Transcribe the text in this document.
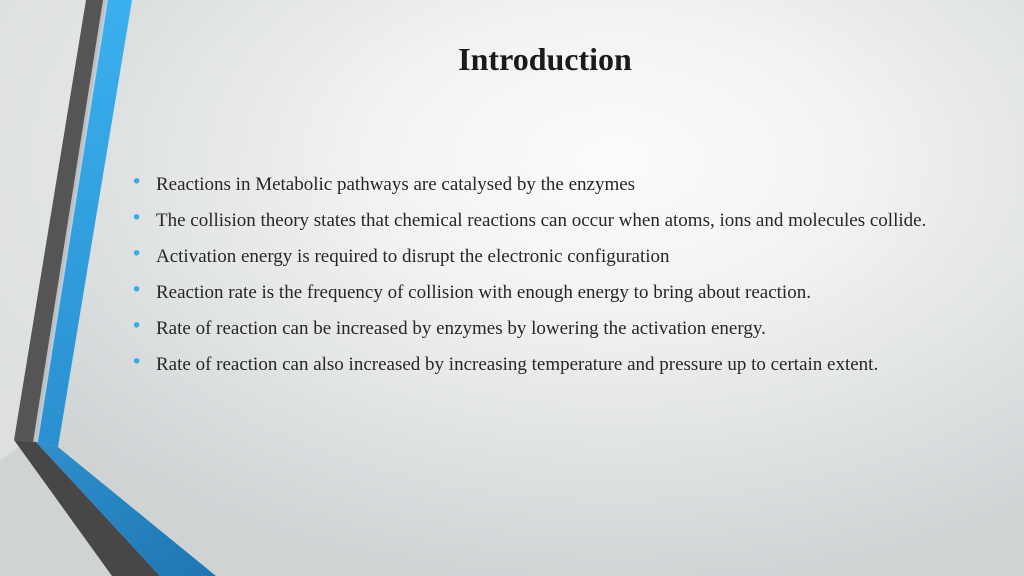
Introduction
• Reactions in Metabolic pathways are catalysed by the enzymes
• The collision theory states that chemical reactions can occur when atoms, ions and molecules collide.
• Activation energy is required to disrupt the electronic configuration
• Reaction rate is the frequency of collision with enough energy to bring about reaction.
• Rate of reaction can be increased by enzymes by lowering the activation energy.
• Rate of reaction can also increased by increasing temperature and pressure up to certain extent.
